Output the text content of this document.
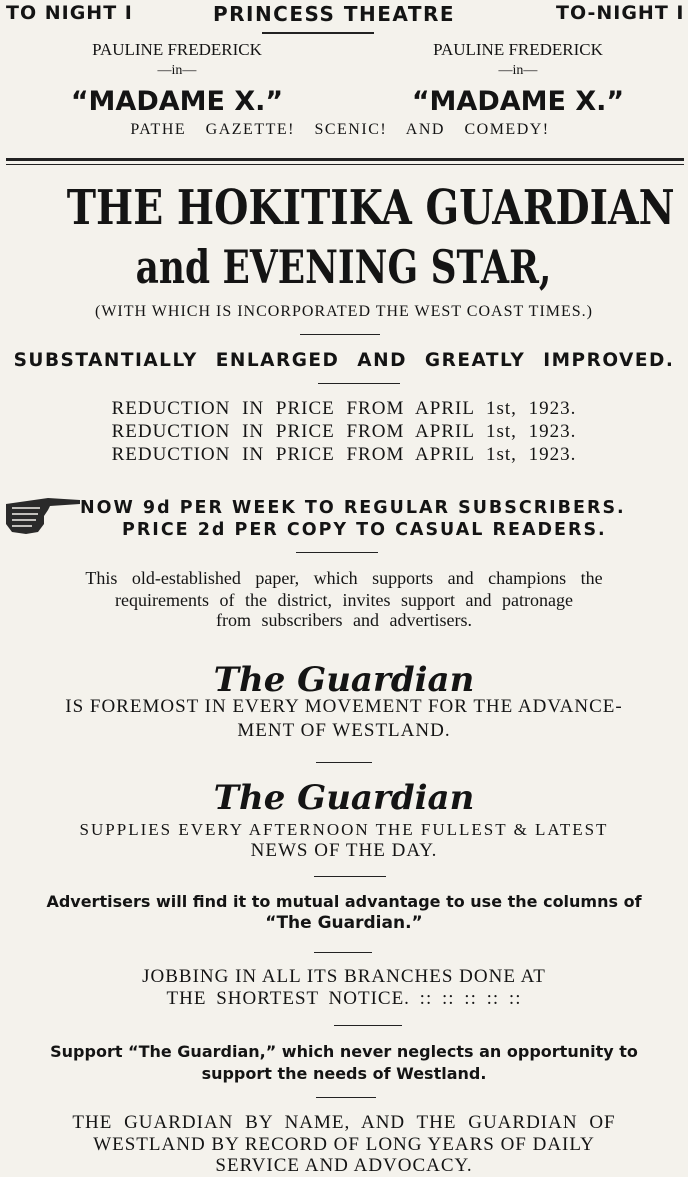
TO NIGHT I	PRINCESS THEATRE	TO-NIGHT I
PAULINE FREDERICK
—in—
“MADAME X.”
PAULINE FREDERICK
—in—
“MADAME X.”
PATHE GAZETTE! SCENIC! AND COMEDY!
THE HOKITIKA GUARDIAN
and EVENING STAR,
(WITH WHICH IS INCORPORATED THE WEST COAST TIMES.)
SUBSTANTIALLY ENLARGED AND GREATLY IMPROVED.
REDUCTION IN PRICE FROM APRIL 1st, 1923.
REDUCTION IN PRICE FROM APRIL 1st, 1923.
REDUCTION IN PRICE FROM APRIL 1st, 1923.
NOW 9d PER WEEK TO REGULAR SUBSCRIBERS.
PRICE 2d PER COPY TO CASUAL READERS.
This old-established paper, which supports and champions the
requirements of the district, invites support and patronage
from subscribers and advertisers.
The Guardian
IS FOREMOST IN EVERY MOVEMENT FOR THE ADVANCE-
MENT OF WESTLAND.
The Guardian
SUPPLIES EVERY AFTERNOON THE FULLEST & LATEST
NEWS OF THE DAY.
Advertisers will find it to mutual advantage to use the columns of
“The Guardian.”
JOBBING IN ALL ITS BRANCHES DONE AT
THE SHORTEST NOTICE. :: :: :: :: ::
Support “The Guardian,” which never neglects an opportunity to
support the needs of Westland.
THE GUARDIAN BY NAME, AND THE GUARDIAN OF
WESTLAND BY RECORD OF LONG YEARS OF DAILY
SERVICE AND ADVOCACY.
